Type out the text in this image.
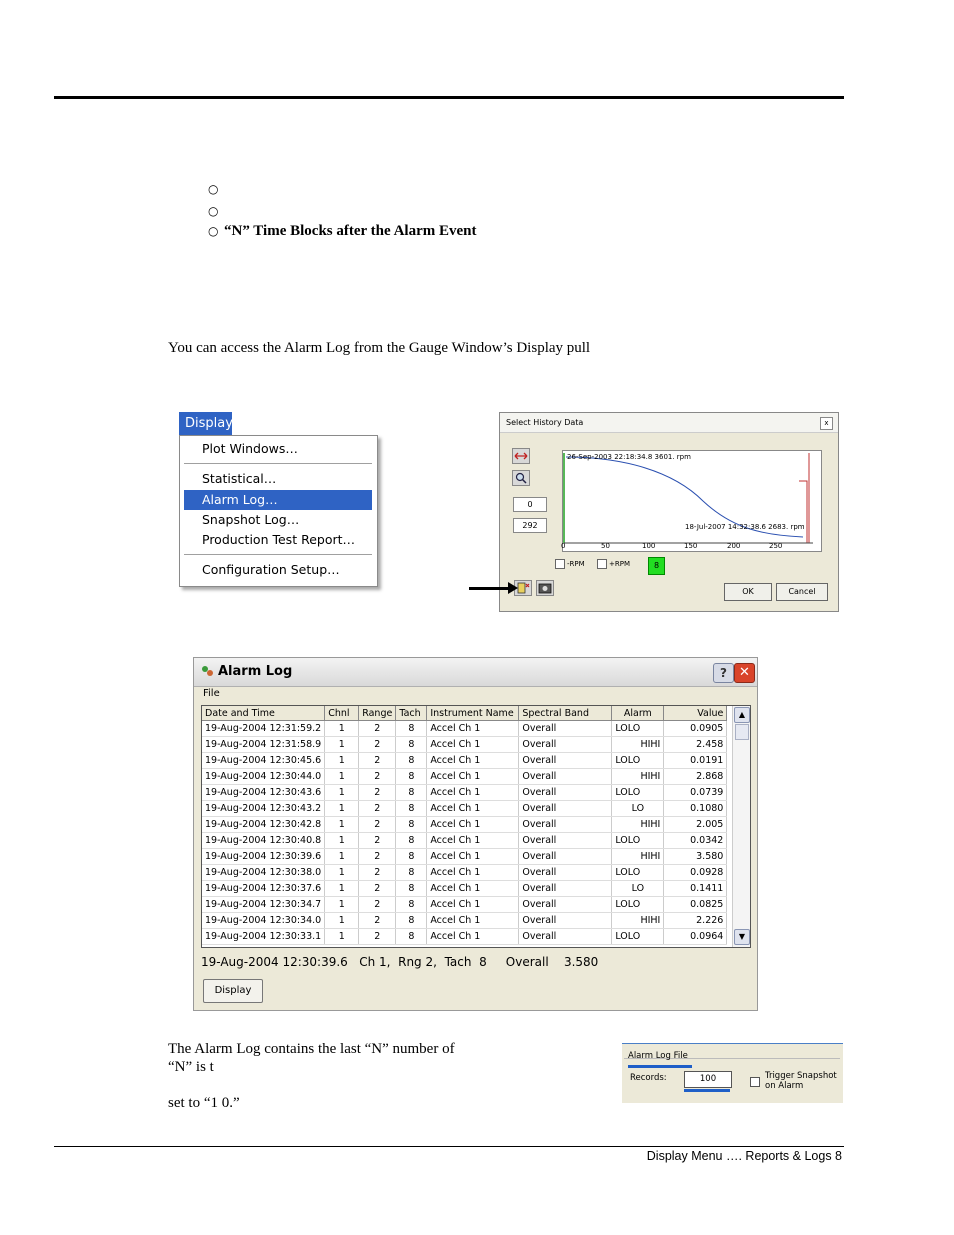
○
○
○ “N” Time Blocks after the Alarm Event
You can access the Alarm Log from the Gauge Window’s Display pull
Display
Plot Windows…
Statistical…
Alarm Log…
Snapshot Log…
Production Test Report…
Configuration Setup…
Select History Data	x
0
292
26-Sep-2003 22:18:34.8 3601. rpm
18-Jul-2007 14:32:38.6 2683. rpm
0	50	100	150	200	250
-RPM	+RPM	8
OK	Cancel
Alarm Log	? ✕
File
Date and Time	Chnl	Range	Tach	Instrument Name	Spectral Band	Alarm	Value
19-Aug-2004 12:31:59.2	1	2	8	Accel Ch 1	Overall	LOLO	0.0905
19-Aug-2004 12:31:58.9	1	2	8	Accel Ch 1	Overall	HIHI	2.458
19-Aug-2004 12:30:45.6	1	2	8	Accel Ch 1	Overall	LOLO	0.0191
19-Aug-2004 12:30:44.0	1	2	8	Accel Ch 1	Overall	HIHI	2.868
19-Aug-2004 12:30:43.6	1	2	8	Accel Ch 1	Overall	LOLO	0.0739
19-Aug-2004 12:30:43.2	1	2	8	Accel Ch 1	Overall	LO	0.1080
19-Aug-2004 12:30:42.8	1	2	8	Accel Ch 1	Overall	HIHI	2.005
19-Aug-2004 12:30:40.8	1	2	8	Accel Ch 1	Overall	LOLO	0.0342
19-Aug-2004 12:30:39.6	1	2	8	Accel Ch 1	Overall	HIHI	3.580
19-Aug-2004 12:30:38.0	1	2	8	Accel Ch 1	Overall	LOLO	0.0928
19-Aug-2004 12:30:37.6	1	2	8	Accel Ch 1	Overall	LO	0.1411
19-Aug-2004 12:30:34.7	1	2	8	Accel Ch 1	Overall	LOLO	0.0825
19-Aug-2004 12:30:34.0	1	2	8	Accel Ch 1	Overall	HIHI	2.226
19-Aug-2004 12:30:33.1	1	2	8	Accel Ch 1	Overall	LOLO	0.0964
▲
▼
19-Aug-2004 12:30:39.6   Ch 1,  Rng 2,  Tach  8     Overall    3.580
Display
The Alarm Log contains the last “N” number of
“N” is t
set to “1 0.”
Alarm Log File
Records:	100	Trigger Snapshot
on Alarm
Display Menu …. Reports & Logs 8
